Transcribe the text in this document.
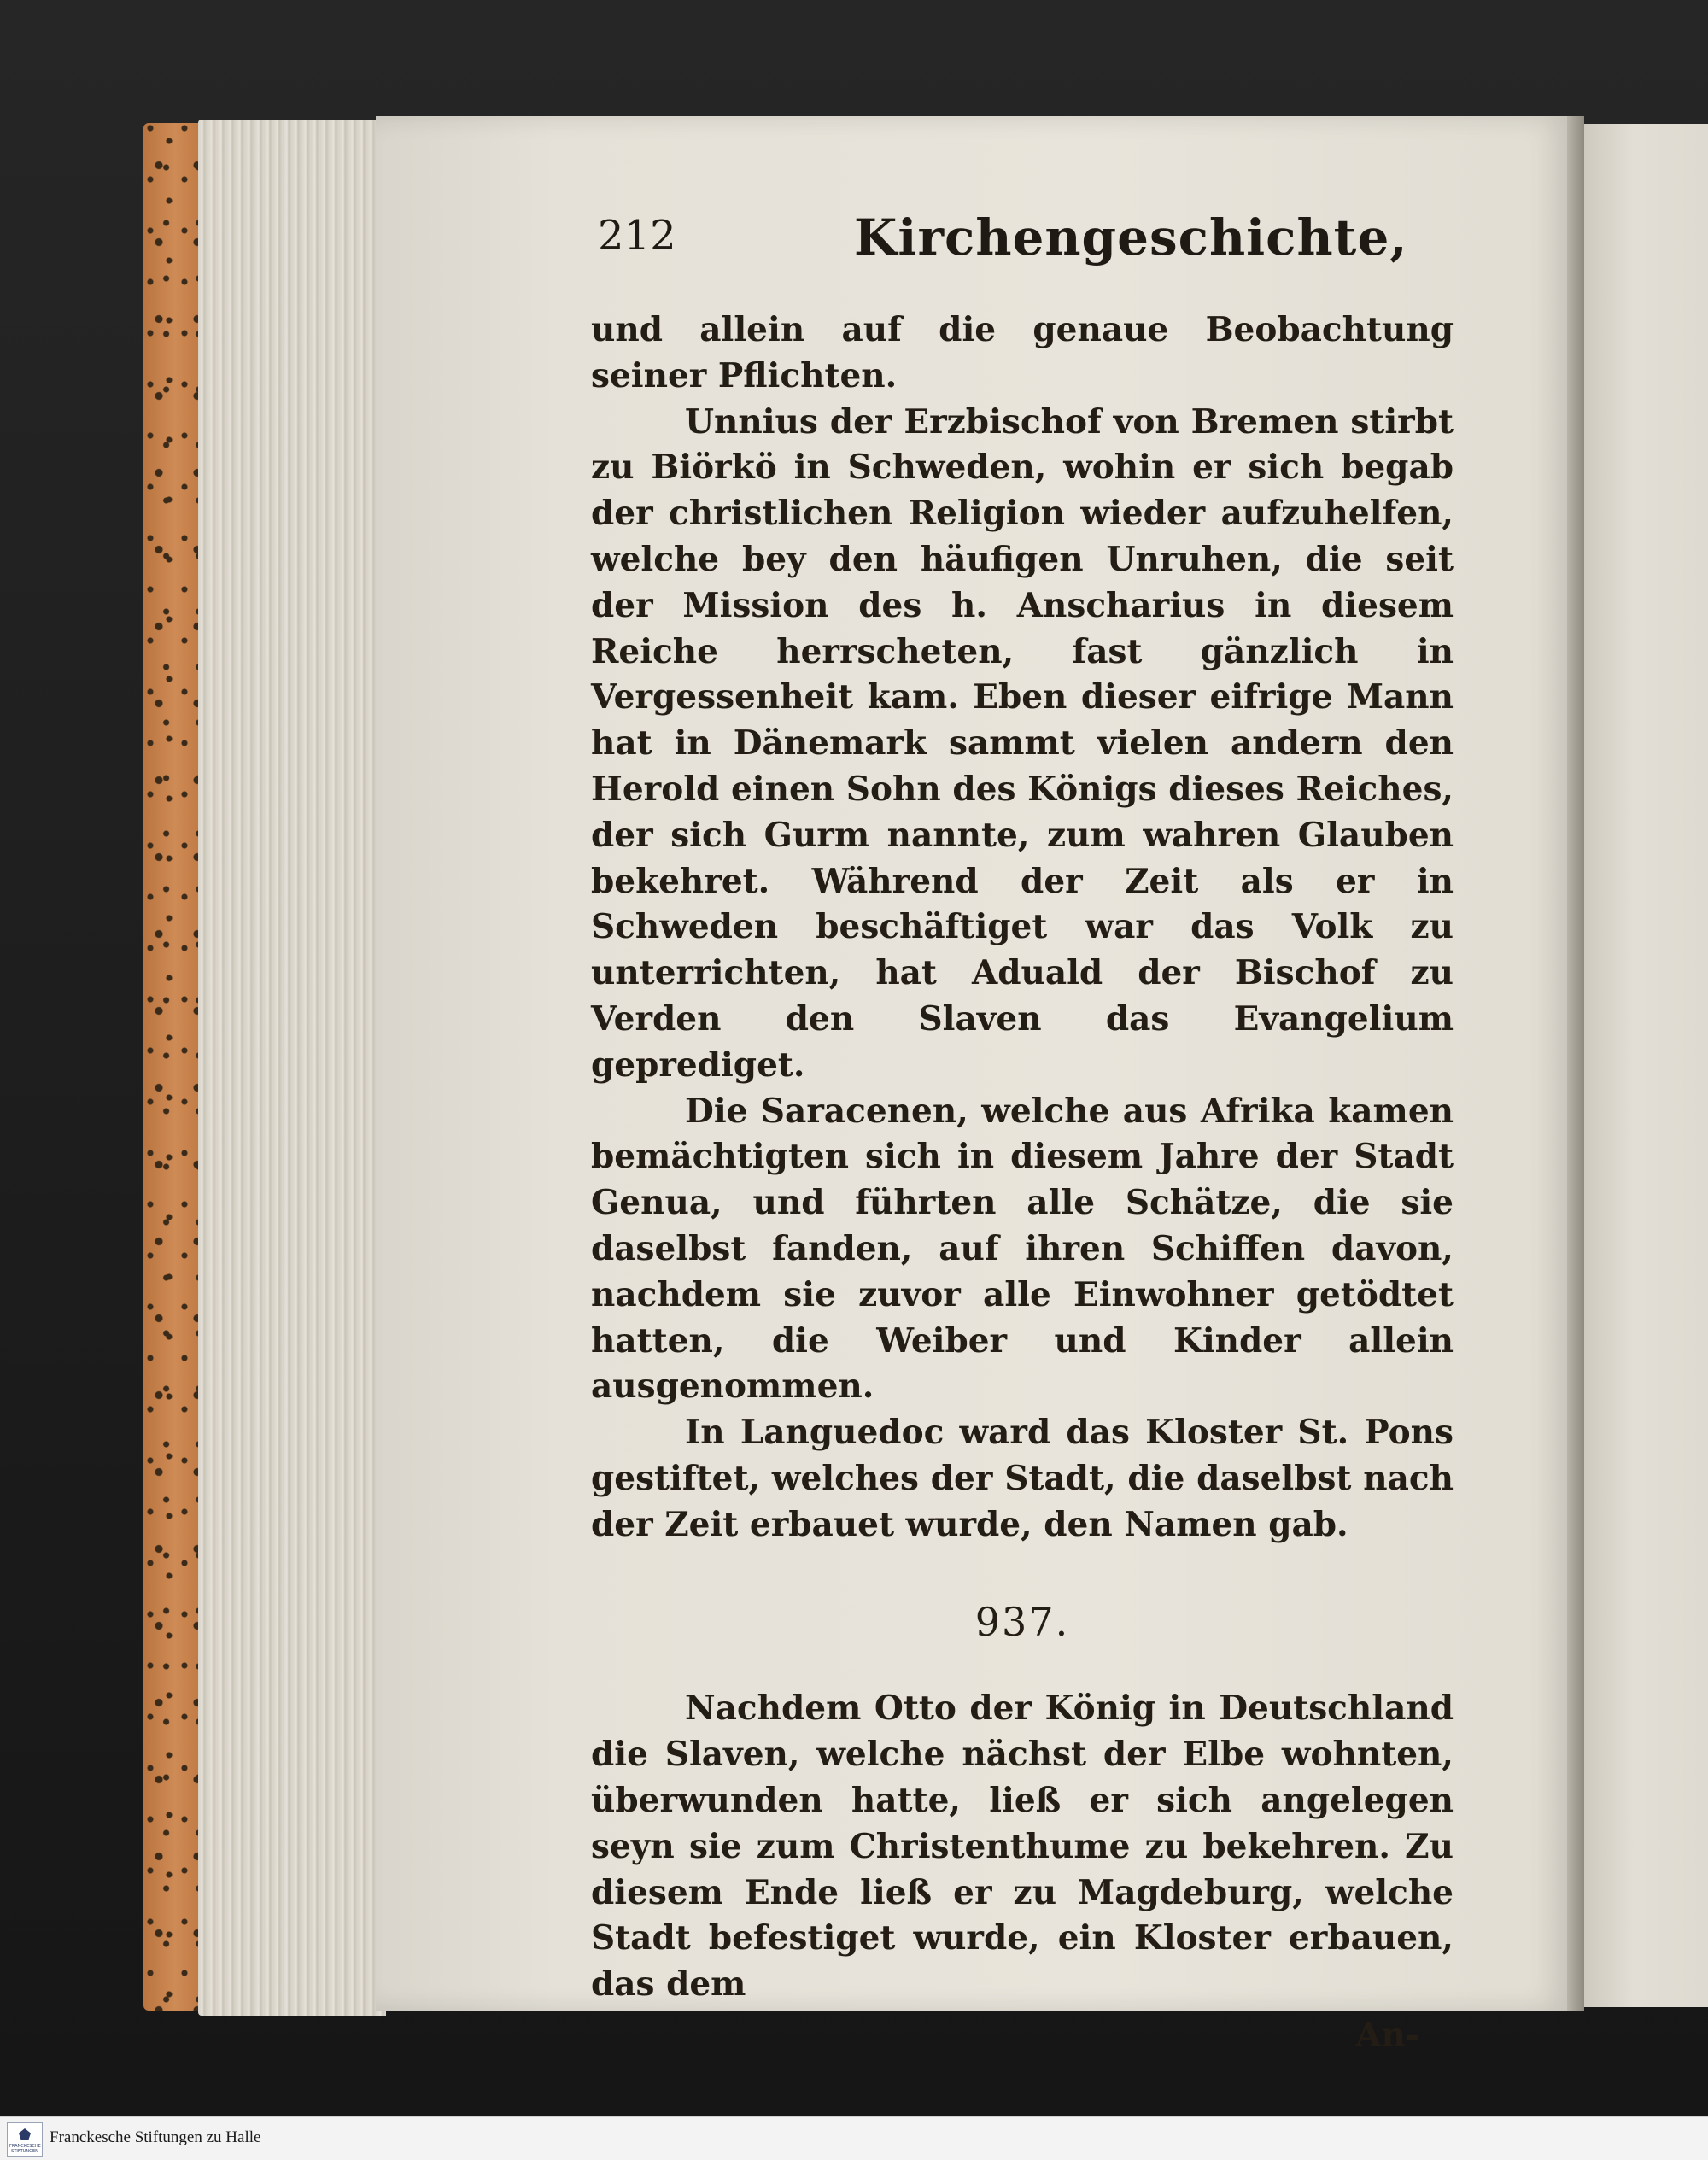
212	Kirchengeschichte,

und allein auf die genaue Beobachtung seiner Pflichten.

Unnius der Erzbischof von Bremen stirbt zu Biörkö in Schweden, wohin er sich begab der christlichen Religion wieder aufzuhelfen, welche bey den häufigen Unruhen, die seit der Mission des h. Anscharius in diesem Reiche herrscheten, fast gänzlich in Vergessenheit kam. Eben dieser eifrige Mann hat in Dänemark sammt vielen andern den Herold einen Sohn des Königs dieses Reiches, der sich Gurm nannte, zum wahren Glauben bekehret. Während der Zeit als er in Schweden beschäftiget war das Volk zu unterrichten, hat Aduald der Bischof zu Verden den Slaven das Evangelium geprediget.

Die Saracenen, welche aus Afrika kamen bemächtigten sich in diesem Jahre der Stadt Genua, und führten alle Schätze, die sie daselbst fanden, auf ihren Schiffen davon, nachdem sie zuvor alle Einwohner getödtet hatten, die Weiber und Kinder allein ausgenommen.

In Languedoc ward das Kloster St. Pons gestiftet, welches der Stadt, die daselbst nach der Zeit erbauet wurde, den Namen gab.

937.

Nachdem Otto der König in Deutschland die Slaven, welche nächst der Elbe wohnten, überwunden hatte, ließ er sich angelegen seyn sie zum Christenthume zu bekehren. Zu diesem Ende ließ er zu Magdeburg, welche Stadt befestiget wurde, ein Kloster erbauen, das dem

An-
FRANCKESCHE STIFTUNGEN
Franckesche Stiftungen zu Halle
